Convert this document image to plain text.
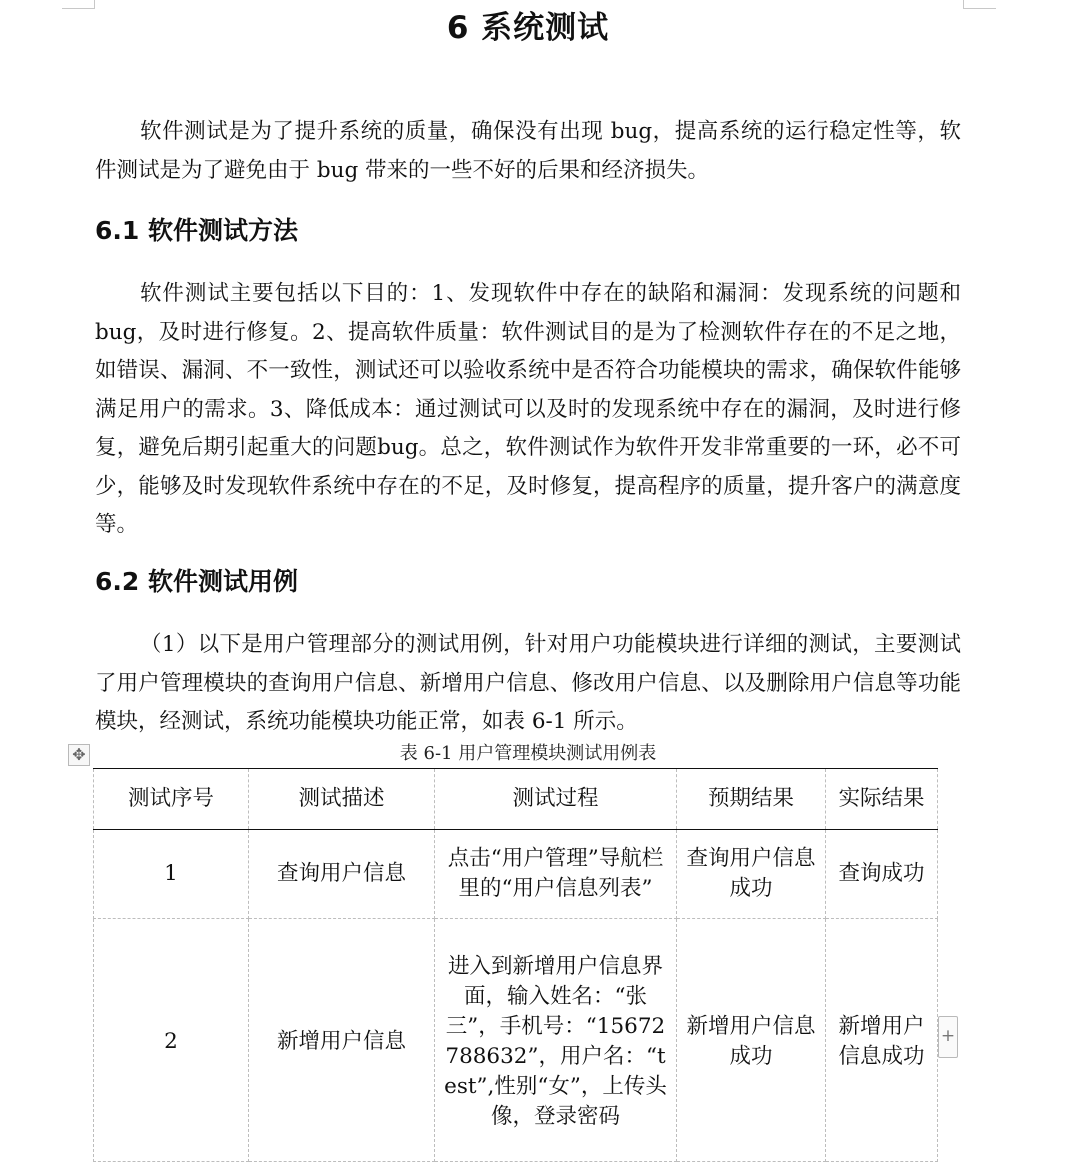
6 系统测试

软件测试是为了提升系统的质量，确保没有出现 bug，提高系统的运行稳定性等，软件测试是为了避免由于 bug 带来的一些不好的后果和经济损失。

6.1 软件测试方法

软件测试主要包括以下目的：1、发现软件中存在的缺陷和漏洞：发现系统的问题和bug，及时进行修复。2、提高软件质量：软件测试目的是为了检测软件存在的不足之地，如错误、漏洞、不一致性，测试还可以验收系统中是否符合功能模块的需求，确保软件能够满足用户的需求。3、降低成本：通过测试可以及时的发现系统中存在的漏洞，及时进行修复，避免后期引起重大的问题bug。总之，软件测试作为软件开发非常重要的一环，必不可少，能够及时发现软件系统中存在的不足，及时修复，提高程序的质量，提升客户的满意度等。

6.2 软件测试用例

（1）以下是用户管理部分的测试用例，针对用户功能模块进行详细的测试，主要测试了用户管理模块的查询用户信息、新增用户信息、修改用户信息、以及删除用户信息等功能模块，经测试，系统功能模块功能正常，如表 6-1 所示。

✥	表 6-1 用户管理模块测试用例表
测试序号	测试描述	测试过程	预期结果	实际结果
1	查询用户信息	点击“用户管理”导航栏里的“用户信息列表”	查询用户信息成功	查询成功
2	新增用户信息	进入到新增用户信息界面，输入姓名：“张三”，手机号：“15672788632”，用户名：“test”,性别“女”，上传头像，登录密码	新增用户信息成功	新增用户信息成功
+
